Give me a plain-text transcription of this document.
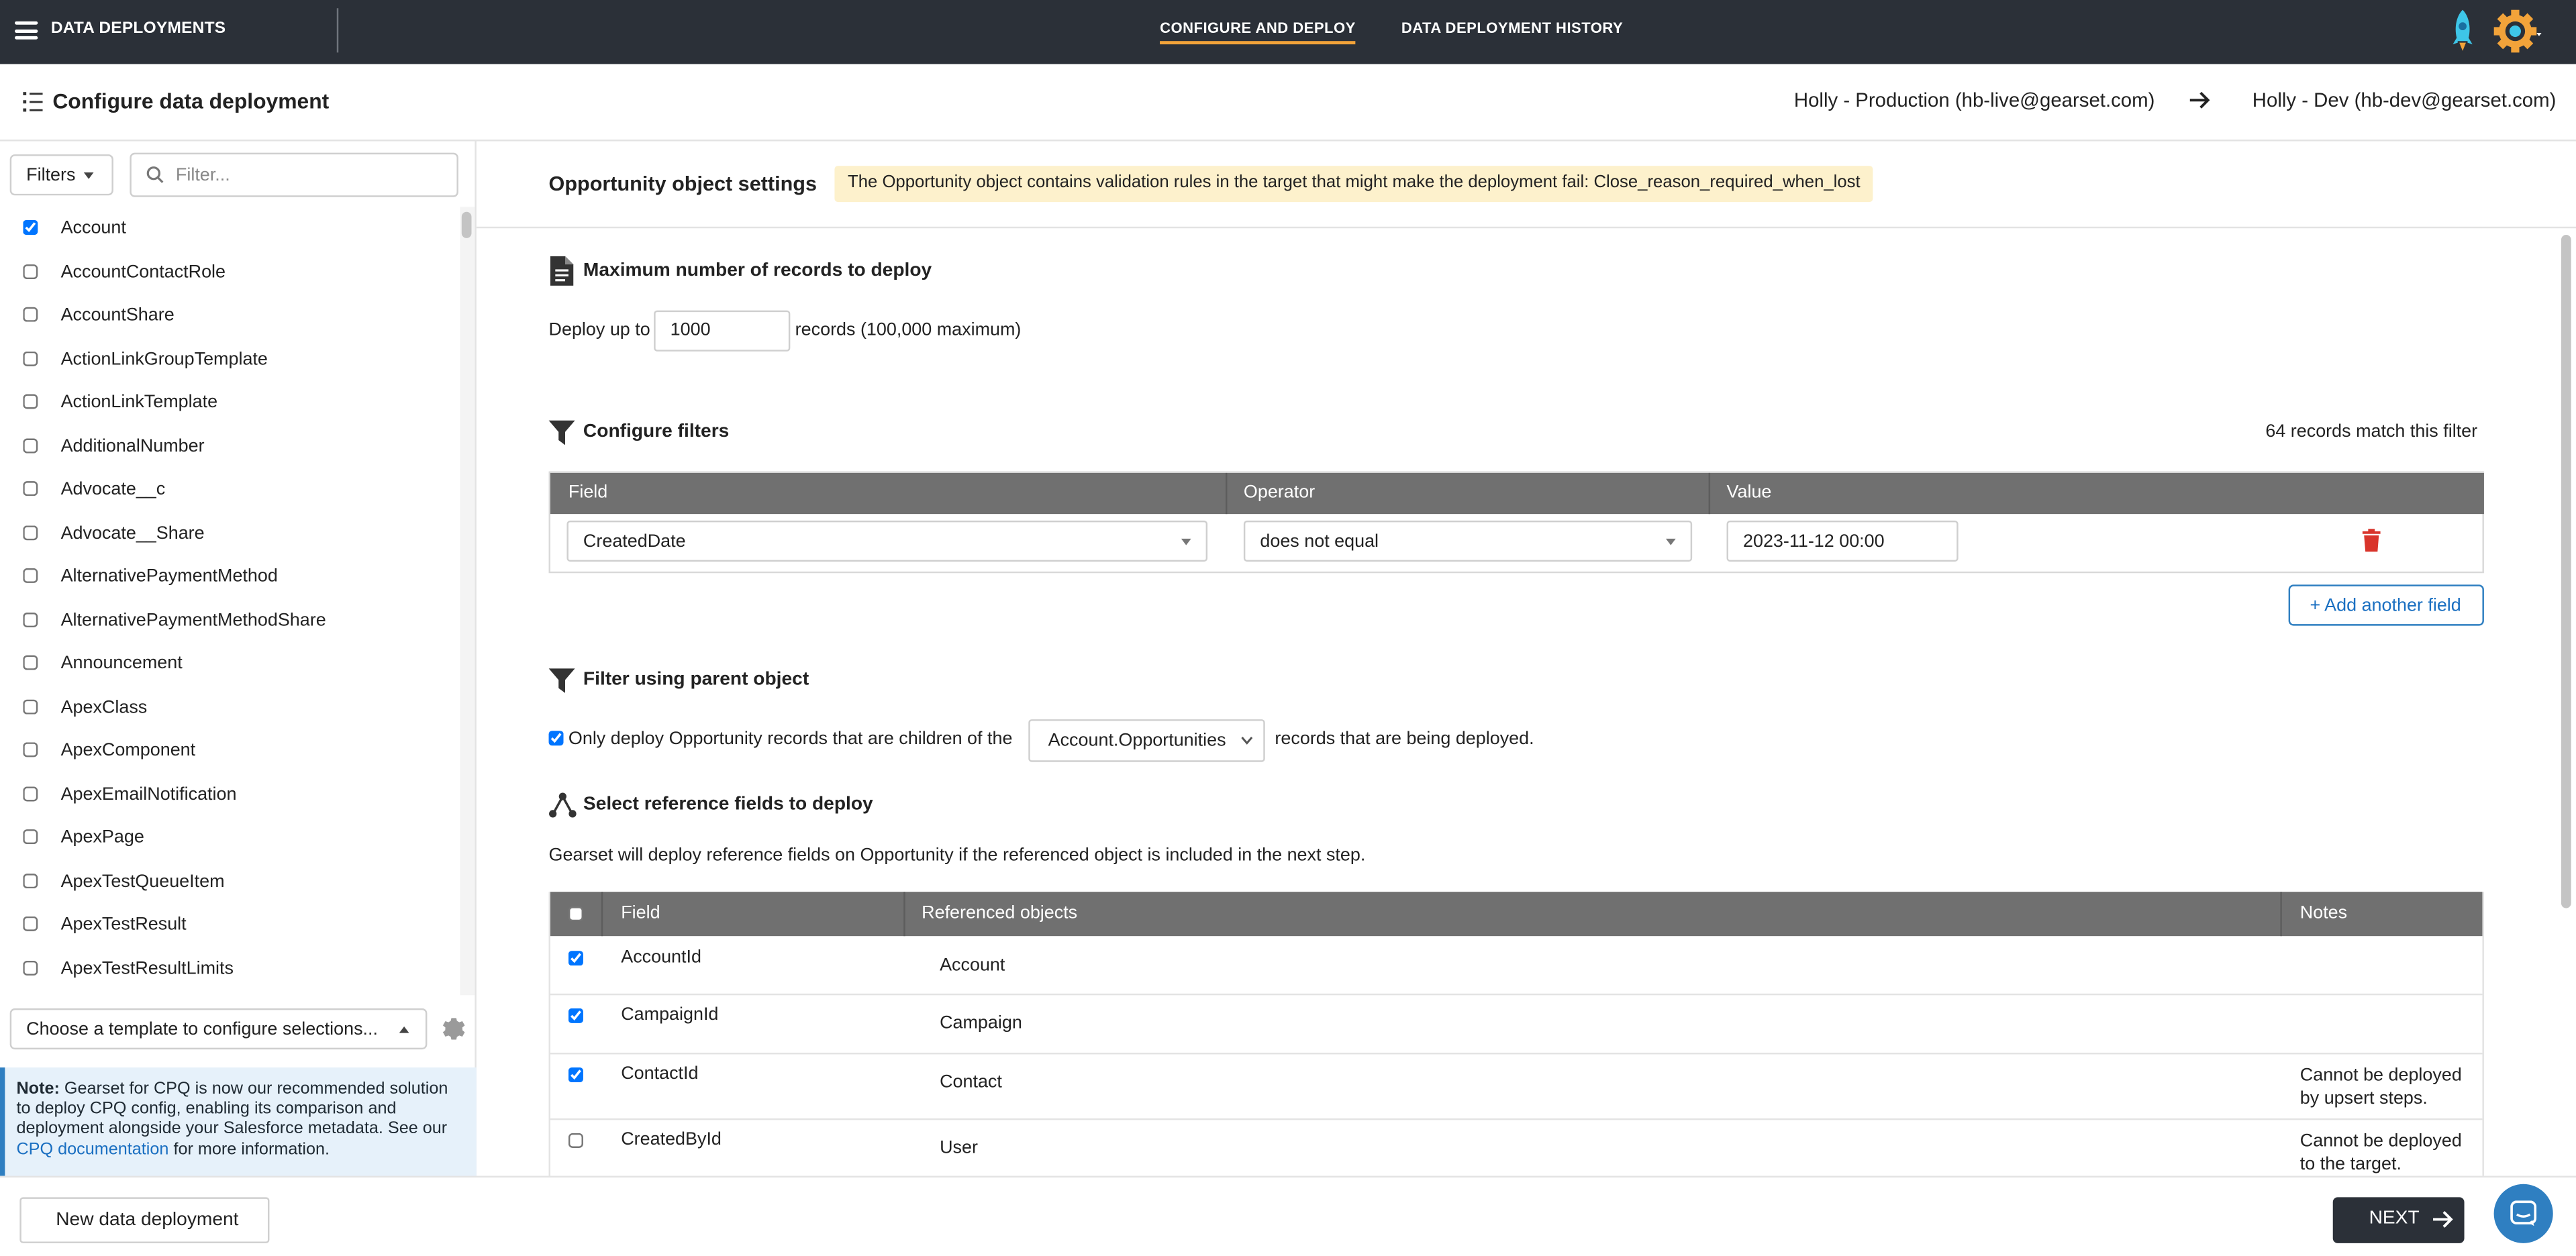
DATA DEPLOYMENTS	CONFIGURE AND DEPLOY	DATA DEPLOYMENT HISTORY
Configure data deployment	Holly - Production (hb-live@gearset.com)	Holly - Dev (hb-dev@gearset.com)
Filters
Filter...
Account
AccountContactRole
AccountShare
ActionLinkGroupTemplate
ActionLinkTemplate
AdditionalNumber
Advocate__c
Advocate__Share
AlternativePaymentMethod
AlternativePaymentMethodShare
Announcement
ApexClass
ApexComponent
ApexEmailNotification
ApexPage
ApexTestQueueItem
ApexTestResult
ApexTestResultLimits
Choose a template to configure selections...
Note: Gearset for CPQ is now our recommended solution to deploy CPQ config, enabling its comparison and deployment alongside your Salesforce metadata. See our CPQ documentation for more information.
Opportunity object settings	The Opportunity object contains validation rules in the target that might make the deployment fail: Close_reason_required_when_lost
Maximum number of records to deploy
Deploy up to	1000	records (100,000 maximum)
Configure filters	64 records match this filter
Field	Operator	Value
CreatedDate	does not equal	2023-11-12 00:00
+ Add another field
Filter using parent object
Only deploy Opportunity records that are children of the	Account.Opportunities	records that are being deployed.
Select reference fields to deploy
Gearset will deploy reference fields on Opportunity if the referenced object is included in the next step.
Field	Referenced objects	Notes
AccountId	Account
CampaignId	Campaign
ContactId	Contact	Cannot be deployed by upsert steps.
CreatedById	User	Cannot be deployed to the target.
New data deployment	NEXT
